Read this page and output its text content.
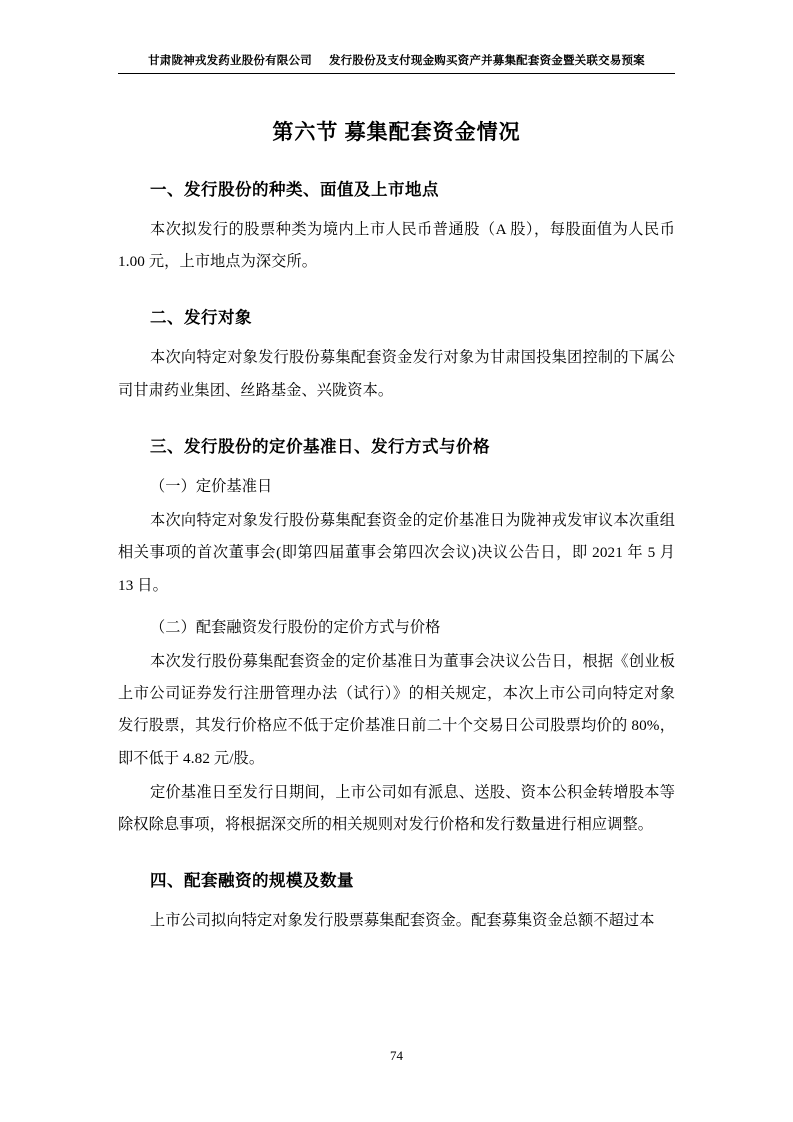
甘肃陇神戎发药业股份有限公司 发行股份及支付现金购买资产并募集配套资金暨关联交易预案
第六节 募集配套资金情况
一、发行股份的种类、面值及上市地点

本次拟发行的股票种类为境内上市人民币普通股（A 股），每股面值为人民币 1.00 元，上市地点为深交所。

二、发行对象

本次向特定对象发行股份募集配套资金发行对象为甘肃国投集团控制的下属公司甘肃药业集团、丝路基金、兴陇资本。

三、发行股份的定价基准日、发行方式与价格

（一）定价基准日

本次向特定对象发行股份募集配套资金的定价基准日为陇神戎发审议本次重组相关事项的首次董事会(即第四届董事会第四次会议)决议公告日，即 2021 年 5 月 13 日。

（二）配套融资发行股份的定价方式与价格

本次发行股份募集配套资金的定价基准日为董事会决议公告日，根据《创业板上市公司证券发行注册管理办法（试行）》的相关规定，本次上市公司向特定对象发行股票，其发行价格应不低于定价基准日前二十个交易日公司股票均价的 80%，即不低于 4.82 元/股。

定价基准日至发行日期间，上市公司如有派息、送股、资本公积金转增股本等除权除息事项，将根据深交所的相关规则对发行价格和发行数量进行相应调整。

四、配套融资的规模及数量

上市公司拟向特定对象发行股票募集配套资金。配套募集资金总额不超过本

74
